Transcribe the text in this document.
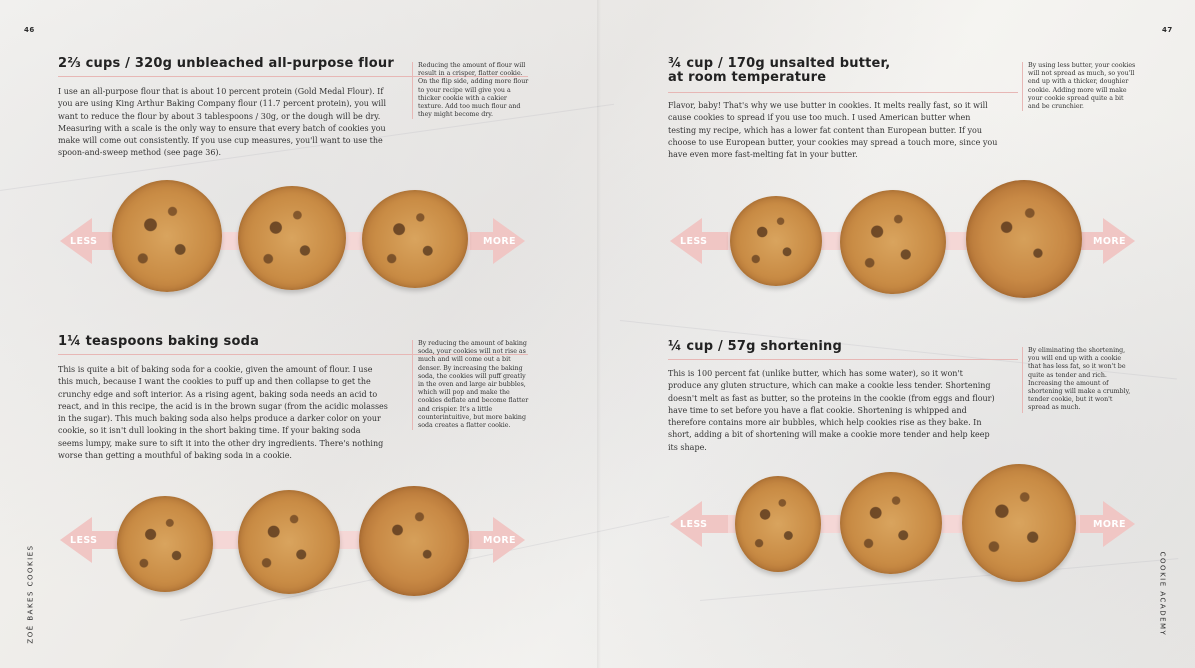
46	47
ZOË BAKES COOKIES	COOKIE ACADEMY
2⅔ cups / 320g unbleached all-purpose flour
I use an all-purpose flour that is about 10 percent protein (Gold Medal Flour). If you are using King Arthur Baking Company flour (11.7 percent protein), you will want to reduce the flour by about 3 tablespoons / 30g, or the dough will be dry. Measuring with a scale is the only way to ensure that every batch of cookies you make will come out consistently. If you use cup measures, you'll want to use the spoon-and-sweep method (see page 36).
Reducing the amount of flour will result in a crisper, flatter cookie. On the flip side, adding more flour to your recipe will give you a thicker cookie with a cakier texture. Add too much flour and they might become dry.
LESS	MORE
1¼ teaspoons baking soda
This is quite a bit of baking soda for a cookie, given the amount of flour. I use this much, because I want the cookies to puff up and then collapse to get the crunchy edge and soft interior. As a rising agent, baking soda needs an acid to react, and in this recipe, the acid is in the brown sugar (from the acidic molasses in the sugar). This much baking soda also helps produce a darker color on your cookie, so it isn't dull looking in the short baking time. If your baking soda seems lumpy, make sure to sift it into the other dry ingredients. There's nothing worse than getting a mouthful of baking soda in a cookie.
By reducing the amount of baking soda, your cookies will not rise as much and will come out a bit denser. By increasing the baking soda, the cookies will puff greatly in the oven and large air bubbles, which will pop and make the cookies deflate and become flatter and crispier. It's a little counterintuitive, but more baking soda creates a flatter cookie.
LESS	MORE
¾ cup / 170g unsalted butter,
at room temperature
Flavor, baby! That's why we use butter in cookies. It melts really fast, so it will cause cookies to spread if you use too much. I used American butter when testing my recipe, which has a lower fat content than European butter. If you choose to use European butter, your cookies may spread a touch more, since you have even more fast-melting fat in your butter.
By using less butter, your cookies will not spread as much, so you'll end up with a thicker, doughier cookie. Adding more will make your cookie spread quite a bit and be crunchier.
LESS	MORE
¼ cup / 57g shortening
This is 100 percent fat (unlike butter, which has some water), so it won't produce any gluten structure, which can make a cookie less tender. Shortening doesn't melt as fast as butter, so the proteins in the cookie (from eggs and flour) have time to set before you have a flat cookie. Shortening is whipped and therefore contains more air bubbles, which help cookies rise as they bake. In short, adding a bit of shortening will make a cookie more tender and help keep its shape.
By eliminating the shortening, you will end up with a cookie that has less fat, so it won't be quite as tender and rich. Increasing the amount of shortening will make a crumbly, tender cookie, but it won't spread as much.
LESS	MORE
